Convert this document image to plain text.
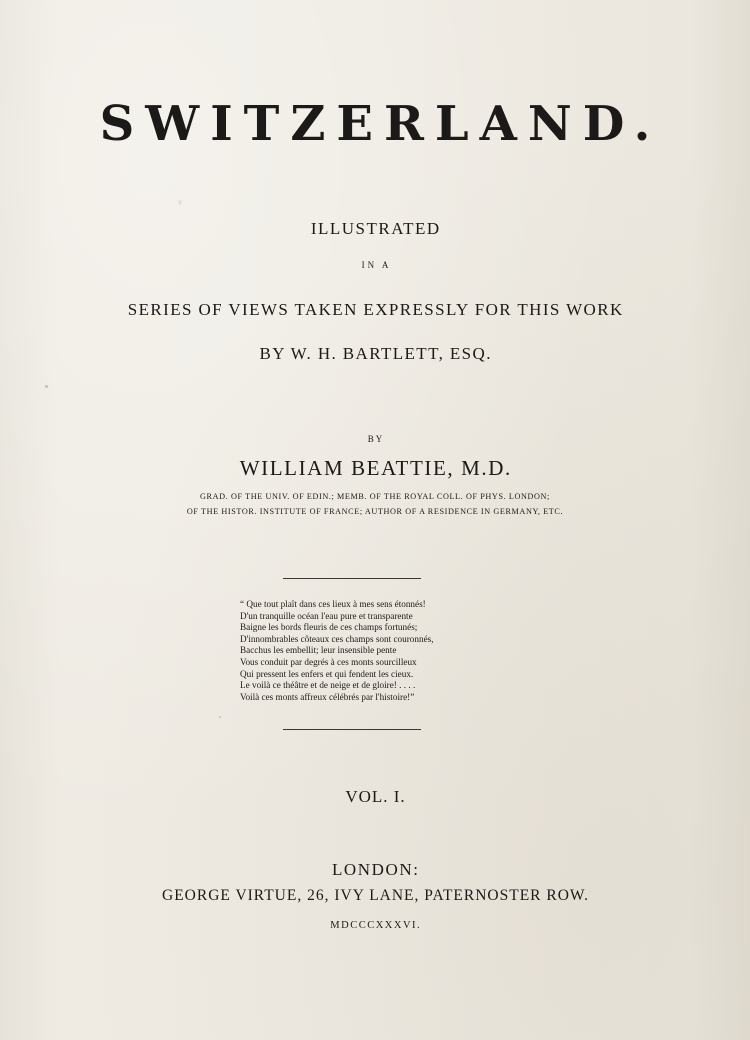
SWITZERLAND.
ILLUSTRATED
IN A
SERIES OF VIEWS TAKEN EXPRESSLY FOR THIS WORK
BY W. H. BARTLETT, ESQ.
BY
WILLIAM BEATTIE, M.D.
GRAD. OF THE UNIV. OF EDIN.; MEMB. OF THE ROYAL COLL. OF PHYS. LONDON;
OF THE HISTOR. INSTITUTE OF FRANCE; AUTHOR OF A RESIDENCE IN GERMANY, ETC.
“ Que tout plaît dans ces lieux à mes sens étonnés!
D'un tranquille océan l'eau pure et transparente
Baigne les bords fleuris de ces champs fortunés;
D'innombrables côteaux ces champs sont couronnés,
Bacchus les embellit; leur insensible pente
Vous conduit par degrés à ces monts sourcilleux
Qui pressent les enfers et qui fendent les cieux.
Le voilà ce théâtre et de neige et de gloire! . . . .
Voilà ces monts affreux célébrés par l'histoire!”
VOL. I.
LONDON:
GEORGE VIRTUE, 26, IVY LANE, PATERNOSTER ROW.
MDCCCXXXVI.
